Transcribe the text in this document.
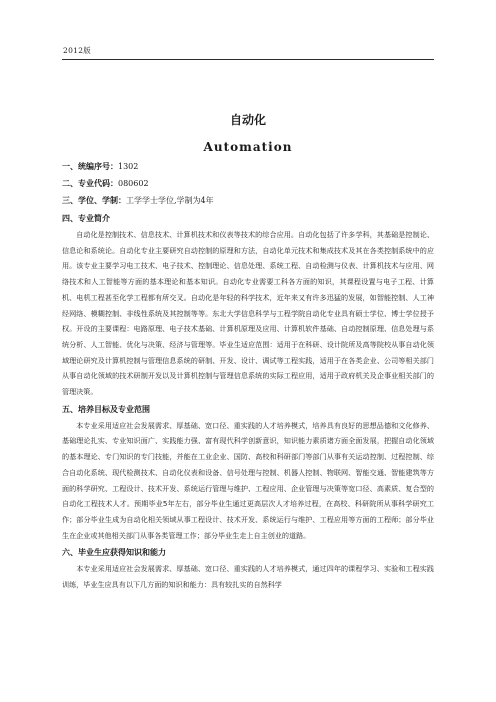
2012版
自动化
Automation
一、统编序号：1302
二、专业代码：080602
三、学位、学制：工学学士学位,学制为4年
四、专业简介
自动化是控制技术、信息技术、计算机技术和仪表等技术的综合应用。自动化包括了许多学科，其基础是控制论、信息论和系统论。自动化专业主要研究自动控制的原理和方法，自动化单元技术和集成技术及其在各类控制系统中的应用。该专业主要学习电工技术、电子技术、控制理论、信息处理、系统工程、自动检测与仪表、计算机技术与应用、网络技术和人工智能等方面的基本理论和基本知识。自动化专业需要工科各方面的知识，其课程设置与电子工程、计算机、电机工程甚至化学工程都有所交叉。自动化是年轻的科学技术，近年来又有许多迅猛的发展，如智能控制、人工神经网络、模糊控制、非线性系统及其控制等等。东北大学信息科学与工程学院自动化专业具有硕士学位、博士学位授予权。开设的主要课程：电路原理、电子技术基础、计算机原理及应用、计算机软件基础、自动控制原理、信息处理与系统分析、人工智能、优化与决策、经济与管理等。毕业生适应范围：适用于在科研、设计院所及高等院校从事自动化领域理论研究及计算机控制与管理信息系统的研制、开发、设计、调试等工程实践，适用于在各类企业、公司等相关部门从事自动化领域的技术研制开发以及计算机控制与管理信息系统的实际工程应用，适用于政府机关及企事业相关部门的管理决策。
五、培养目标及专业范围
本专业采用适应社会发展需求、厚基础、宽口径、重实践的人才培养模式，培养具有良好的思想品德和文化修养、基础理论扎实、专业知识面广、实践能力强、富有现代科学创新意识，知识能力素质诸方面全面发展，把握自动化领域的基本理论、专门知识的专门技能，并能在工业企业、国防、高校和科研部门等部门从事有关运动控制、过程控制、综合自动化系统、现代检测技术、自动化仪表和设备、信号处理与控制、机器人控制、物联网、智能交通、智能建筑等方面的科学研究、工程设计、技术开发、系统运行管理与维护、工程应用、企业管理与决策等宽口径、高素质、复合型的自动化工程技术人才。预期毕业5年左右，部分毕业生通过更高层次人才培养过程，在高校、科研院所从事科学研究工作；部分毕业生成为自动化相关领域从事工程设计、技术开发、系统运行与维护、工程应用等方面的工程师；部分毕业生在企业或其他相关部门从事各类管理工作；部分毕业生走上自主创业的道路。
六、毕业生应获得知识和能力
本专业采用适应社会发展需求、厚基础、宽口径、重实践的人才培养模式，通过四年的课程学习、实验和工程实践训练，毕业生应具有以下几方面的知识和能力：具有较扎实的自然科学
